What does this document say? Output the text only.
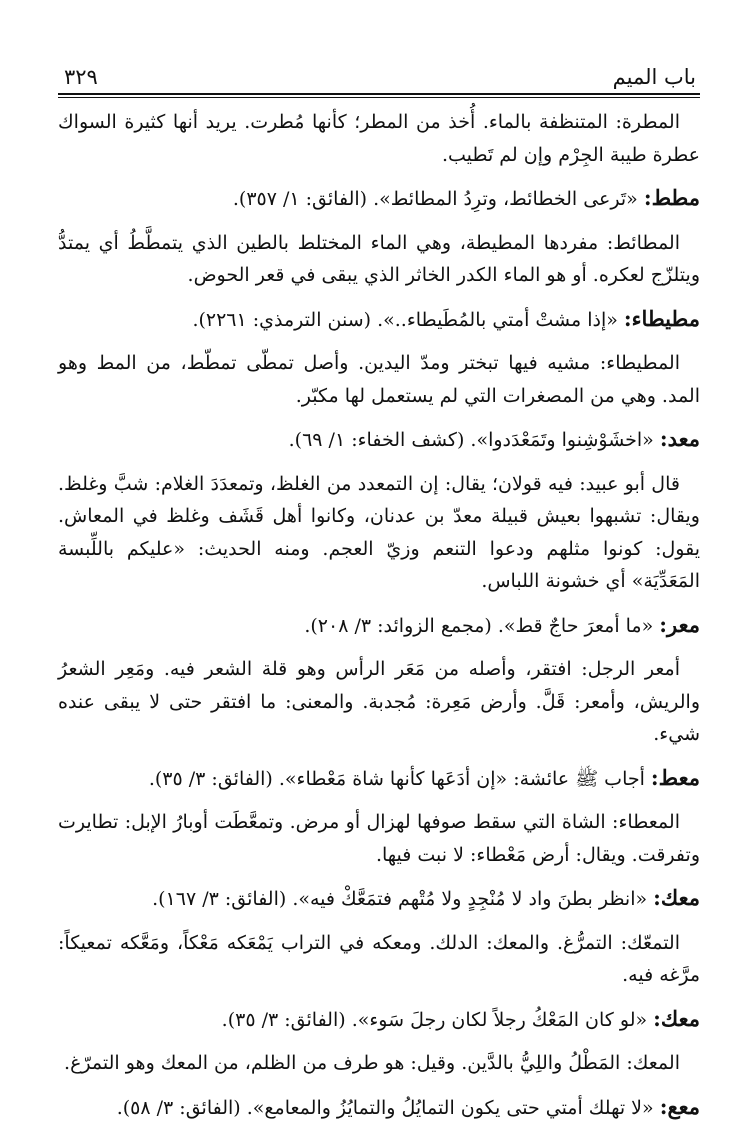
باب الميم
٣٢٩

المطرة: المتنظفة بالماء. أُخذ من المطر؛ كأنها مُطرت. يريد أنها كثيرة السواك عطرة طيبة الجِرْم وإن لم تَطيب.

مطط: «تَرعى الخطائط، وترِدُ المطائط». (الفائق: ١/ ٣٥٧).

المطائط: مفردها المطيطة، وهي الماء المختلط بالطين الذي يتمطَّطُ أي يمتدُّ ويتلزّج لعكره. أو هو الماء الكدر الخاثر الذي يبقى في قعر الحوض.

مطيطاء: «إذا مشتْ أمتي بالمُطَيطاء..». (سنن الترمذي: ٢٢٦١).

المطيطاء: مشيه فيها تبختر ومدّ اليدين. وأصل تمطّى تمطّط، من المط وهو المد. وهي من المصغرات التي لم يستعمل لها مكبّر.

معد: «اخشَوْشِنوا وتَمَعْدَدوا». (كشف الخفاء: ١/ ٦٩).

قال أبو عبيد: فيه قولان؛ يقال: إن التمعدد من الغلظ، وتمعدَدَ الغلام: شبَّ وغلظ. ويقال: تشبهوا بعيش قبيلة معدّ بن عدنان، وكانوا أهل قَشَف وغلظ في المعاش. يقول: كونوا مثلهم ودعوا التنعم وزيّ العجم. ومنه الحديث: «عليكم باللِّبسة المَعَدِّيَة» أي خشونة اللباس.

معر: «ما أمعرَ حاجٌ قط». (مجمع الزوائد: ٣/ ٢٠٨).

أمعر الرجل: افتقر، وأصله من مَعَر الرأس وهو قلة الشعر فيه. ومَعِر الشعرُ والريش، وأمعر: قَلَّ. وأرض مَعِرة: مُجدبة. والمعنى: ما افتقر حتى لا يبقى عنده شيء.

معط: أجاب ﷺ عائشة: «إن أدَعَها كأنها شاة مَعْطاء». (الفائق: ٣/ ٣٥).

المعطاء: الشاة التي سقط صوفها لهزال أو مرض. وتمعَّطَت أوبارُ الإبل: تطايرت وتفرقت. ويقال: أرض مَعْطاء: لا نبت فيها.

معك: «انظر بطنَ واد لا مُنْجِدٍ ولا مُتْهم فتمَعَّكْ فيه». (الفائق: ٣/ ١٦٧).

التمعّك: التمرُّغ. والمعك: الدلك. ومعكه في التراب يَمْعَكه مَعْكاً، ومَعَّكه تمعيكاً: مرَّغه فيه.

معك: «لو كان المَعْكُ رجلاً لكان رجلَ سَوء». (الفائق: ٣/ ٣٥).

المعك: المَطْلُ واللِيُّ بالدَّين. وقيل: هو طرف من الظلم، من المعك وهو التمرّغ.

معع: «لا تهلك أمتي حتى يكون التمايُلُ والتمايُزُ والمعامع». (الفائق: ٣/ ٥٨).
